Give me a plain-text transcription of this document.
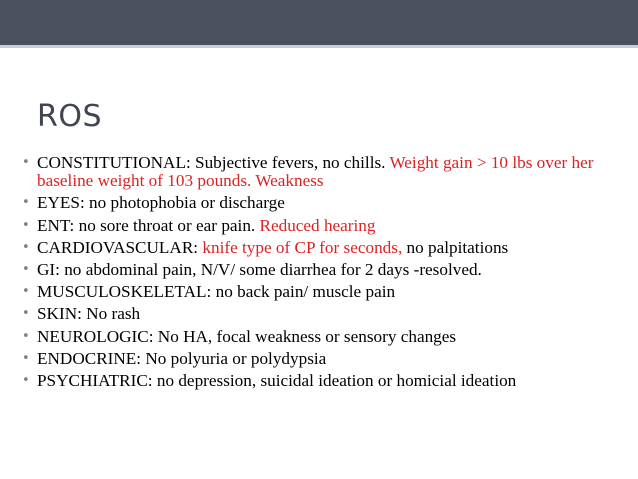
ROS
• CONSTITUTIONAL: Subjective fevers, no chills. Weight gain > 10 lbs over her baseline weight of 103 pounds. Weakness
• EYES: no photophobia or discharge
• ENT: no sore throat or ear pain. Reduced hearing
• CARDIOVASCULAR: knife type of CP for seconds, no palpitations
• GI: no abdominal pain, N/V/ some diarrhea for 2 days -resolved.
• MUSCULOSKELETAL: no back pain/ muscle pain
• SKIN: No rash
• NEUROLOGIC: No HA, focal weakness or sensory changes
• ENDOCRINE: No polyuria or polydypsia
• PSYCHIATRIC: no depression, suicidal ideation or homicial ideation
